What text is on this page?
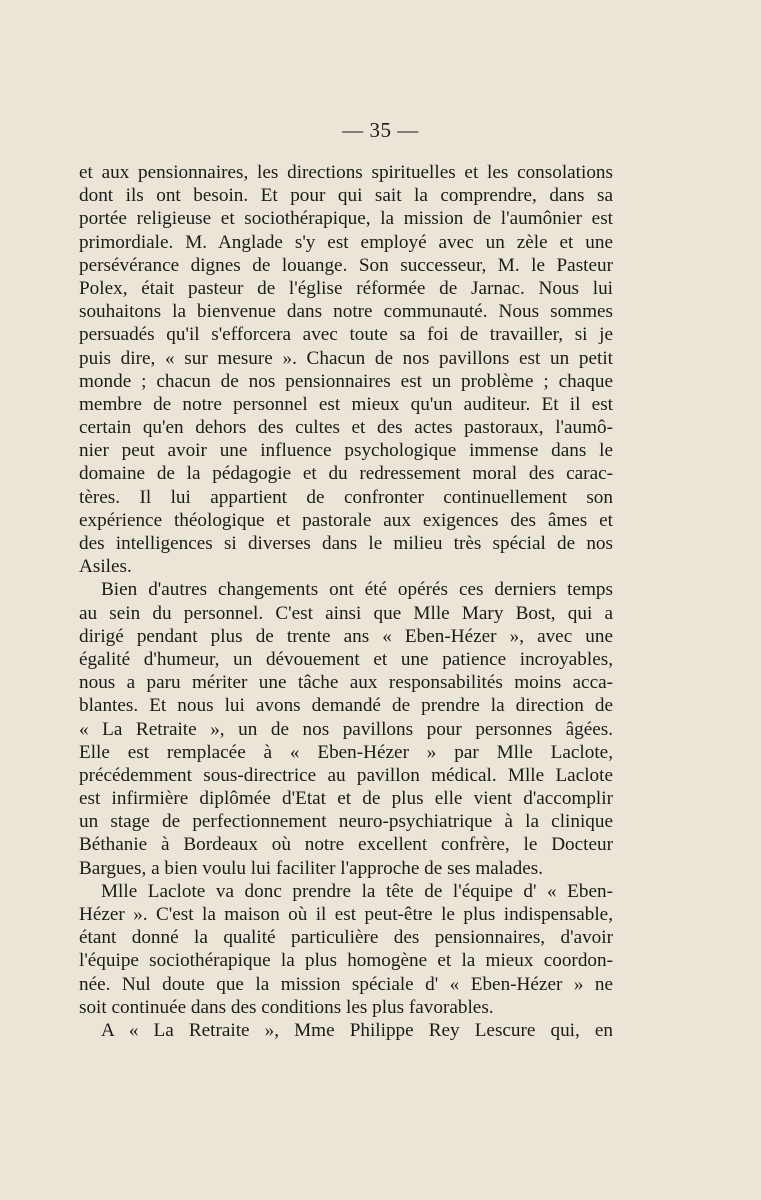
— 35 —
et aux pensionnaires, les directions spirituelles et les consolations
dont ils ont besoin. Et pour qui sait la comprendre, dans sa
portée religieuse et sociothérapique, la mission de l'aumônier est
primordiale. M. Anglade s'y est employé avec un zèle et une
persévérance dignes de louange. Son successeur, M. le Pasteur
Polex, était pasteur de l'église réformée de Jarnac. Nous lui
souhaitons la bienvenue dans notre communauté. Nous sommes
persuadés qu'il s'efforcera avec toute sa foi de travailler, si je
puis dire, « sur mesure ». Chacun de nos pavillons est un petit
monde ; chacun de nos pensionnaires est un problème ; chaque
membre de notre personnel est mieux qu'un auditeur. Et il est
certain qu'en dehors des cultes et des actes pastoraux, l'aumô-
nier peut avoir une influence psychologique immense dans le
domaine de la pédagogie et du redressement moral des carac-
tères. Il lui appartient de confronter continuellement son
expérience théologique et pastorale aux exigences des âmes et
des intelligences si diverses dans le milieu très spécial de nos
Asiles.
Bien d'autres changements ont été opérés ces derniers temps
au sein du personnel. C'est ainsi que Mlle Mary Bost, qui a
dirigé pendant plus de trente ans « Eben-Hézer », avec une
égalité d'humeur, un dévouement et une patience incroyables,
nous a paru mériter une tâche aux responsabilités moins acca-
blantes. Et nous lui avons demandé de prendre la direction de
« La Retraite », un de nos pavillons pour personnes âgées.
Elle est remplacée à « Eben-Hézer » par Mlle Laclote,
précédemment sous-directrice au pavillon médical. Mlle Laclote
est infirmière diplômée d'Etat et de plus elle vient d'accomplir
un stage de perfectionnement neuro-psychiatrique à la clinique
Béthanie à Bordeaux où notre excellent confrère, le Docteur
Bargues, a bien voulu lui faciliter l'approche de ses malades.
Mlle Laclote va donc prendre la tête de l'équipe d' « Eben-
Hézer ». C'est la maison où il est peut-être le plus indispensable,
étant donné la qualité particulière des pensionnaires, d'avoir
l'équipe sociothérapique la plus homogène et la mieux coordon-
née. Nul doute que la mission spéciale d' « Eben-Hézer » ne
soit continuée dans des conditions les plus favorables.
A « La Retraite », Mme Philippe Rey Lescure qui, en
